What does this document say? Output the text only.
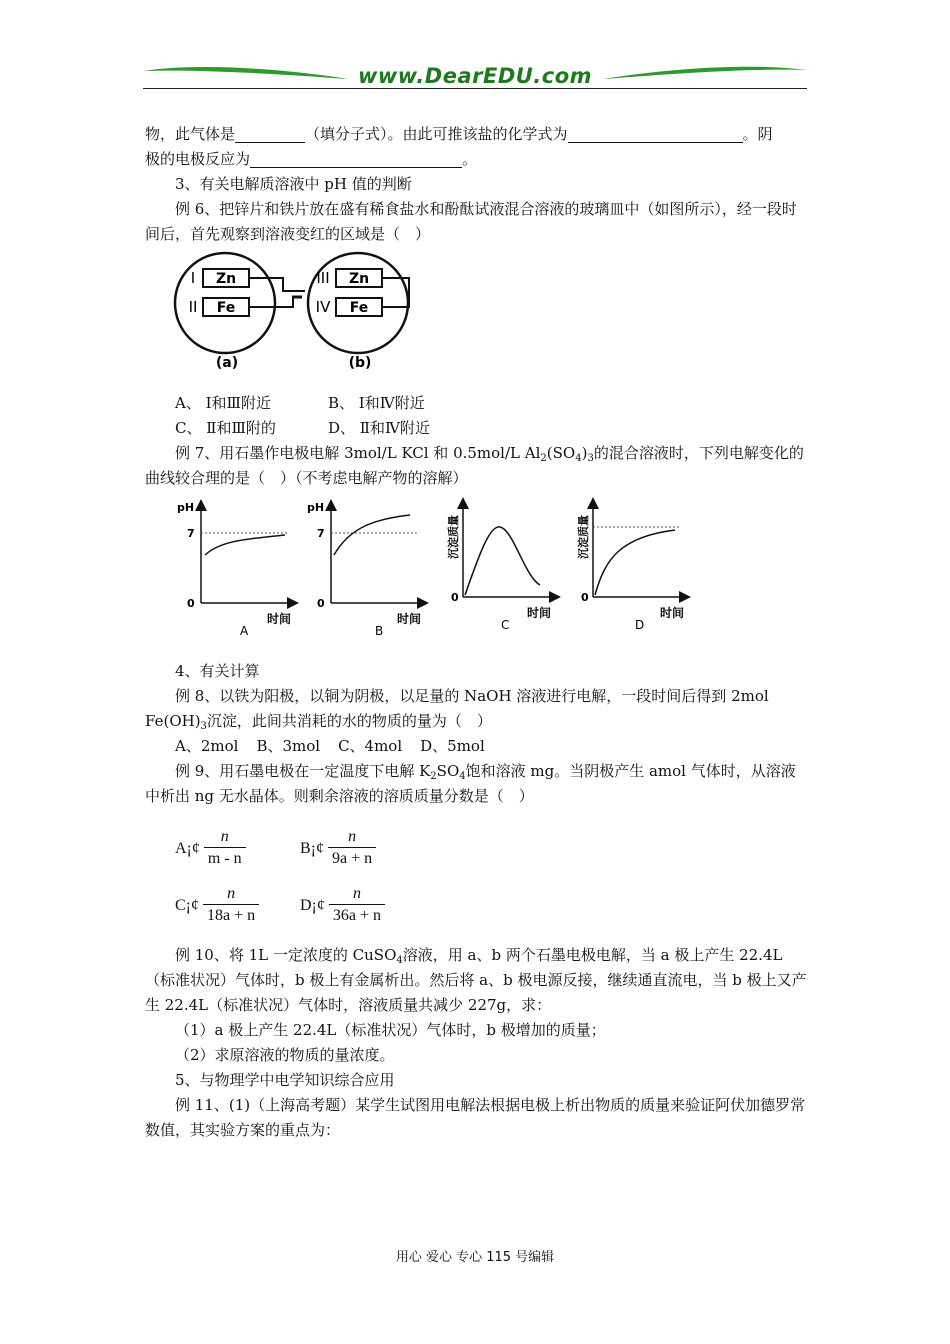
www.DearEDU.com

物，此气体是	（填分子式）。由此可推该盐的化学式为	。阴

极的电极反应为	。

3、有关电解质溶液中 pH 值的判断

例 6、把锌片和铁片放在盛有稀食盐水和酚酞试液混合溶液的玻璃皿中（如图所示），经一段时间后，首先观察到溶液变红的区域是（　）

Zn
Fe
Zn
Fe
I
II
III
IV
(a)	(b)
A、 Ⅰ和Ⅲ附近	B、 Ⅰ和Ⅳ附近
C、 Ⅱ和Ⅲ附的	D、 Ⅱ和Ⅳ附近

例 7、用石墨作电极电解 3mol/L KCl 和 0.5mol/L $Al_2(SO_4)_3$的混合溶液时，下列电解变化的曲线较合理的是（　）（不考虑电解产物的溶解）

pH
7
0
时间
A
pH
7
0
时间
B
沉淀质量
0
时间
C
沉淀质量
0
时间
D

4、有关计算

例 8、以铁为阳极，以铜为阴极，以足量的 NaOH 溶液进行电解，一段时间后得到 2mol $Fe(OH)_3$沉淀，此间共消耗的水的物质的量为（　）

A、2mol B、3mol C、4mol D、5mol

例 9、用石墨电极在一定温度下电解 $K_2SO_4$饱和溶液 mg。当阴极产生 amol 气体时，从溶液中析出 ng 无水晶体。则剩余溶液的溶质质量分数是（　）

A¡¢ $\frac{n}{m - n}$	B¡¢ $\frac{n}{9a + n}$
C¡¢ $\frac{n}{18a + n}$	D¡¢ $\frac{n}{36a + n}$

例 10、将 1L 一定浓度的 CuSO$_4$溶液，用 a、b 两个石墨电极电解，当 a 极上产生 22.4L（标准状况）气体时，b 极上有金属析出。然后将 a、b 极电源反接，继续通直流电，当 b 极上又产生 22.4L（标准状况）气体时，溶液质量共减少 227g，求：

（1）a 极上产生 22.4L（标准状况）气体时，b 极增加的质量；

（2）求原溶液的物质的量浓度。

5、与物理学中电学知识综合应用

例 11、(1)（上海高考题）某学生试图用电解法根据电极上析出物质的质量来验证阿伏加德罗常数值，其实验方案的重点为：

用心 爱心 专心 115 号编辑
